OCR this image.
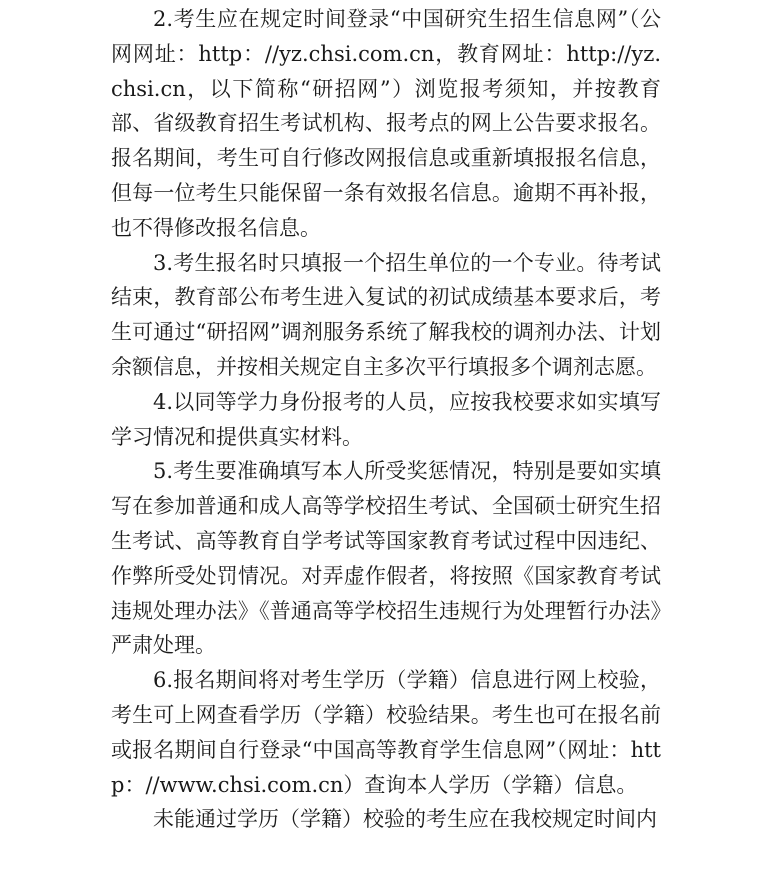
2.考生应在规定时间登录“中国研究生招生信息网”（公网网址：http：//yz.chsi.com.cn，教育网址：http://yz.chsi.cn，以下简称“研招网”）浏览报考须知，并按教育部、省级教育招生考试机构、报考点的网上公告要求报名。报名期间，考生可自行修改网报信息或重新填报报名信息，但每一位考生只能保留一条有效报名信息。逾期不再补报，也不得修改报名信息。

3.考生报名时只填报一个招生单位的一个专业。待考试结束，教育部公布考生进入复试的初试成绩基本要求后，考生可通过“研招网”调剂服务系统了解我校的调剂办法、计划余额信息，并按相关规定自主多次平行填报多个调剂志愿。

4.以同等学力身份报考的人员，应按我校要求如实填写学习情况和提供真实材料。

5.考生要准确填写本人所受奖惩情况，特别是要如实填写在参加普通和成人高等学校招生考试、全国硕士研究生招生考试、高等教育自学考试等国家教育考试过程中因违纪、作弊所受处罚情况。对弄虚作假者，将按照《国家教育考试违规处理办法》《普通高等学校招生违规行为处理暂行办法》严肃处理。

6.报名期间将对考生学历（学籍）信息进行网上校验，考生可上网查看学历（学籍）校验结果。考生也可在报名前或报名期间自行登录“中国高等教育学生信息网”（网址：http：//www.chsi.com.cn）查询本人学历（学籍）信息。

未能通过学历（学籍）校验的考生应在我校规定时间内
